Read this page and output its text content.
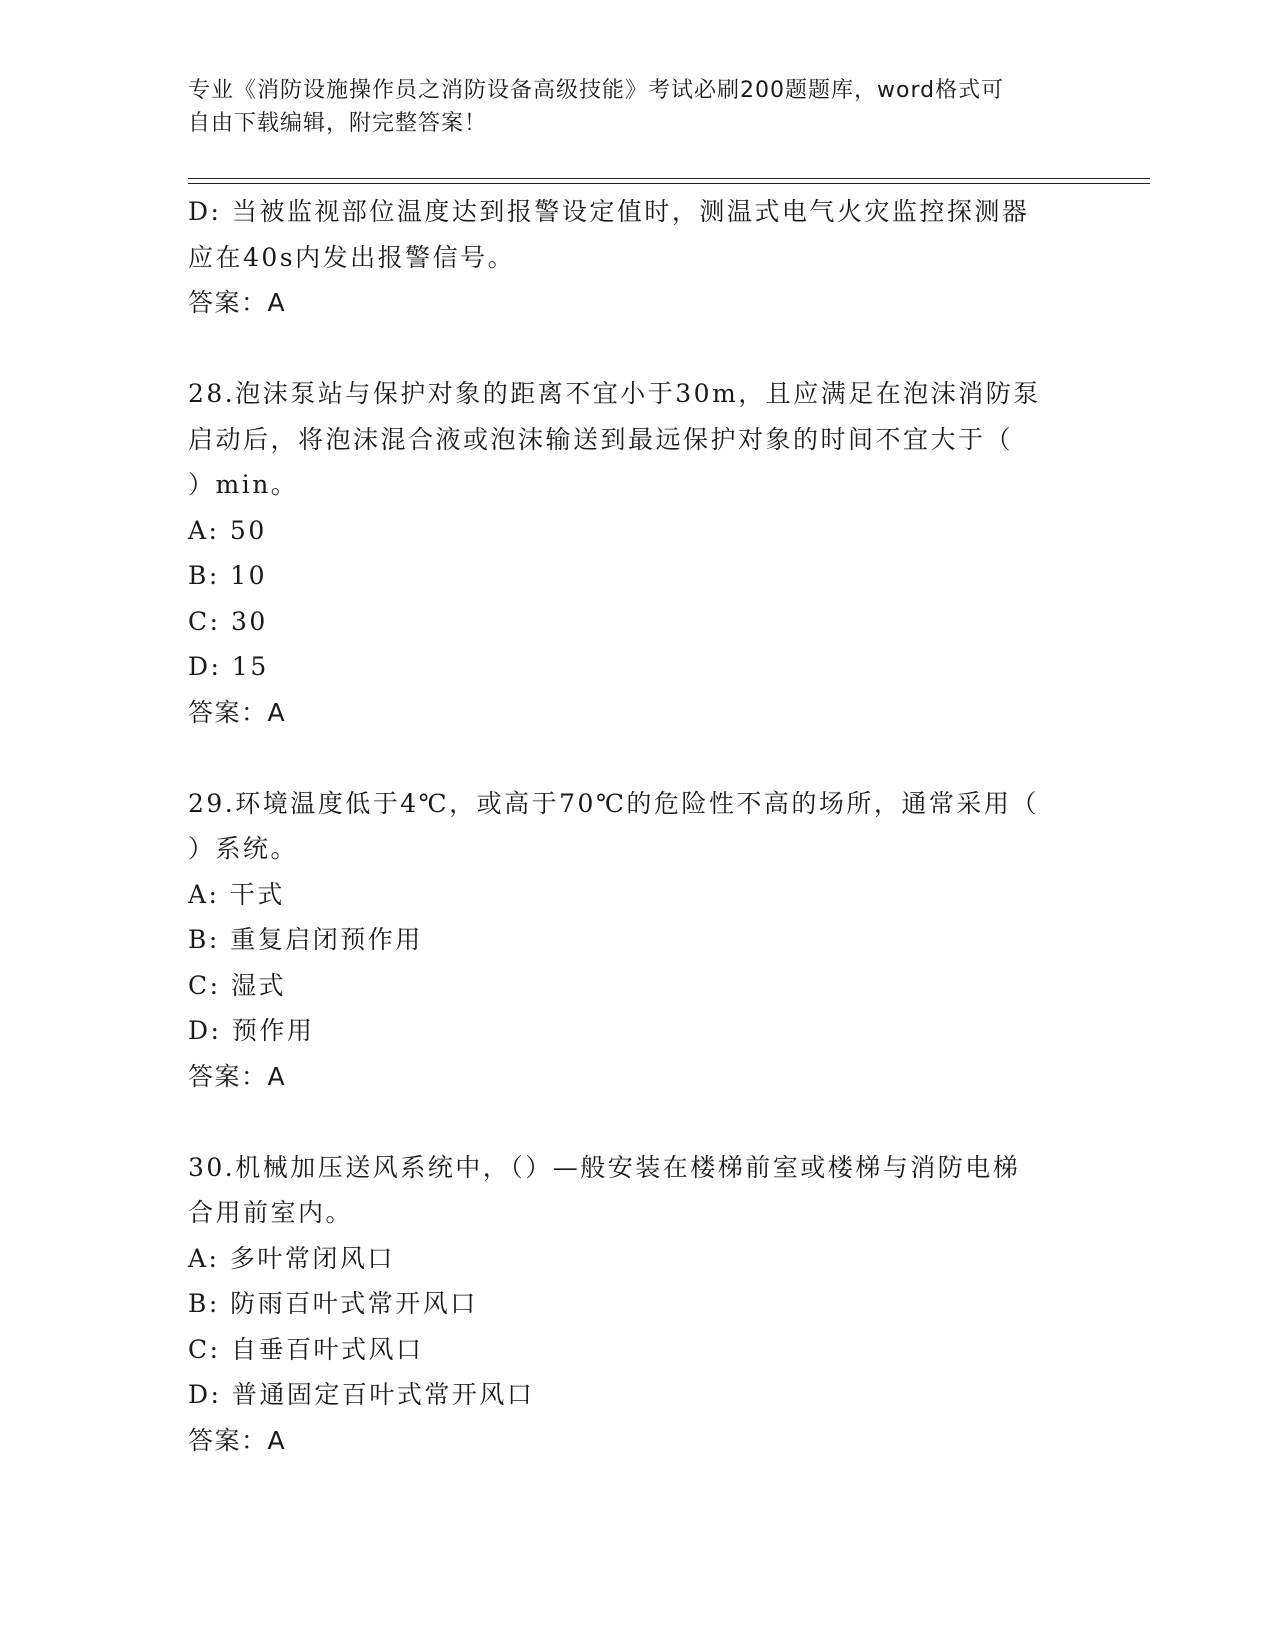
专业《消防设施操作员之消防设备高级技能》考试必刷200题题库，word格式可
自由下载编辑，附完整答案！
D: 当被监视部位温度达到报警设定值时，测温式电气火灾监控探测器
应在40s内发出报警信号。
答案：A
28.泡沫泵站与保护对象的距离不宜小于30m，且应满足在泡沫消防泵
启动后，将泡沫混合液或泡沫输送到最远保护对象的时间不宜大于（
）min。
A: 50
B: 10
C: 30
D: 15
答案：A
29.环境温度低于4℃，或高于70℃的危险性不高的场所，通常采用（
）系统。
A: 干式
B: 重复启闭预作用
C: 湿式
D: 预作用
答案：A
30.机械加压送风系统中，（）—般安装在楼梯前室或楼梯与消防电梯
合用前室内。
A: 多叶常闭风口
B: 防雨百叶式常开风口
C: 自垂百叶式风口
D: 普通固定百叶式常开风口
答案：A
